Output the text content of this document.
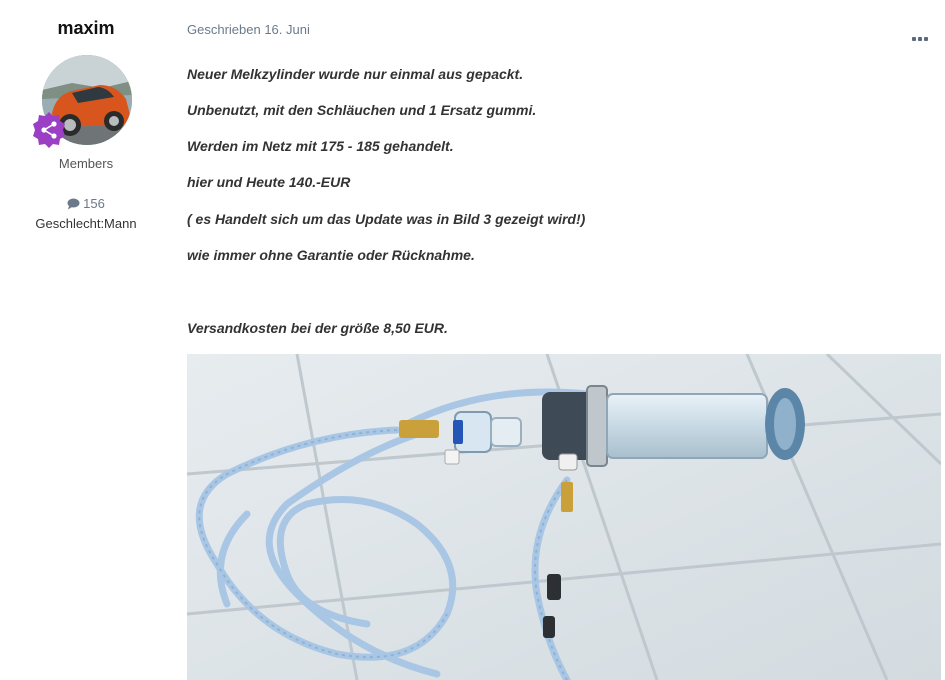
maxim
Members
156
Geschlecht:Mann
Geschrieben 16. Juni
Neuer Melkzylinder wurde nur einmal aus gepackt.
Unbenutzt, mit den Schläuchen und 1 Ersatz gummi.
Werden im Netz mit 175 - 185 gehandelt.
hier und Heute 140.-EUR
( es Handelt sich um das Update was in Bild 3 gezeigt wird!)
wie immer ohne Garantie oder Rücknahme.
Versandkosten bei der größe 8,50 EUR.
